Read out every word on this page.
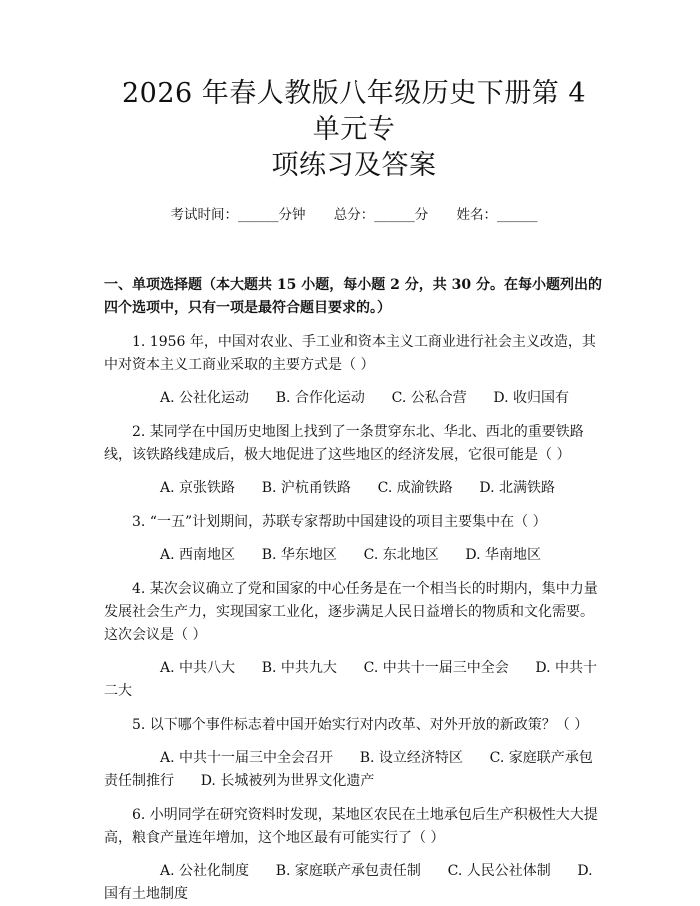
2026 年春人教版八年级历史下册第 4 单元专
项练习及答案
考试时间：______分钟 总分：______分 姓名：______
一、单项选择题（本大题共 15 小题，每小题 2 分，共 30 分。在每小题列出的四个选项中，只有一项是最符合题目要求的。）
1. 1956 年，中国对农业、手工业和资本主义工商业进行社会主义改造，其中对资本主义工商业采取的主要方式是（ ）
A. 公社化运动      B. 合作化运动      C. 公私合营      D. 收归国有
2. 某同学在中国历史地图上找到了一条贯穿东北、华北、西北的重要铁路线，该铁路线建成后，极大地促进了这些地区的经济发展，它很可能是（ ）
A. 京张铁路      B. 沪杭甬铁路      C. 成渝铁路      D. 北满铁路
3. “一五”计划期间，苏联专家帮助中国建设的项目主要集中在（ ）
A. 西南地区      B. 华东地区      C. 东北地区      D. 华南地区
4. 某次会议确立了党和国家的中心任务是在一个相当长的时期内，集中力量发展社会生产力，实现国家工业化，逐步满足人民日益增长的物质和文化需要。这次会议是（ ）
A. 中共八大      B. 中共九大      C. 中共十一届三中全会      D. 中共十二大
5. 以下哪个事件标志着中国开始实行对内改革、对外开放的新政策？（ ）
A. 中共十一届三中全会召开      B. 设立经济特区      C. 家庭联产承包责任制推行      D. 长城被列为世界文化遗产
6. 小明同学在研究资料时发现，某地区农民在土地承包后生产积极性大大提高，粮食产量连年增加，这个地区最有可能实行了（ ）
A. 公社化制度      B. 家庭联产承包责任制      C. 人民公社体制      D. 国有土地制度
